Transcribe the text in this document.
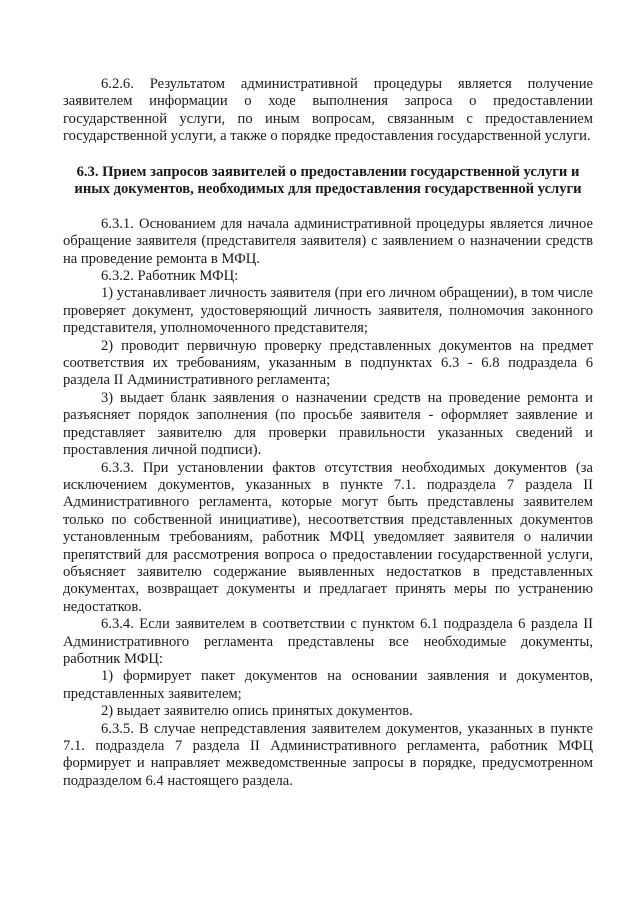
6.2.6. Результатом административной процедуры является получение заявителем информации о ходе выполнения запроса о предоставлении государственной услуги, по иным вопросам, связанным с предоставлением государственной услуги, а также о порядке предоставления государственной услуги.

6.3. Прием запросов заявителей о предоставлении государственной услуги и
иных документов, необходимых для предоставления государственной услуги

6.3.1. Основанием для начала административной процедуры является личное обращение заявителя (представителя заявителя) с заявлением о назначении средств на проведение ремонта в МФЦ.

6.3.2. Работник МФЦ:

1) устанавливает личность заявителя (при его личном обращении), в том числе проверяет документ, удостоверяющий личность заявителя, полномочия законного представителя, уполномоченного представителя;

2) проводит первичную проверку представленных документов на предмет соответствия их требованиям, указанным в подпунктах 6.3 - 6.8 подраздела 6 раздела II Административного регламента;

3) выдает бланк заявления о назначении средств на проведение ремонта и разъясняет порядок заполнения (по просьбе заявителя - оформляет заявление и представляет заявителю для проверки правильности указанных сведений и проставления личной подписи).

6.3.3. При установлении фактов отсутствия необходимых документов (за исключением документов, указанных в пункте 7.1. подраздела 7 раздела II Административного регламента, которые могут быть представлены заявителем только по собственной инициативе), несоответствия представленных документов установленным требованиям, работник МФЦ уведомляет заявителя о наличии препятствий для рассмотрения вопроса о предоставлении государственной услуги, объясняет заявителю содержание выявленных недостатков в представленных документах, возвращает документы и предлагает принять меры по устранению недостатков.

6.3.4. Если заявителем в соответствии с пунктом 6.1 подраздела 6 раздела II Административного регламента представлены все необходимые документы, работник МФЦ:

1) формирует пакет документов на основании заявления и документов, представленных заявителем;

2) выдает заявителю опись принятых документов.

6.3.5. В случае непредставления заявителем документов, указанных в пункте 7.1. подраздела 7 раздела II Административного регламента, работник МФЦ формирует и направляет межведомственные запросы в порядке, предусмотренном подразделом 6.4 настоящего раздела.
